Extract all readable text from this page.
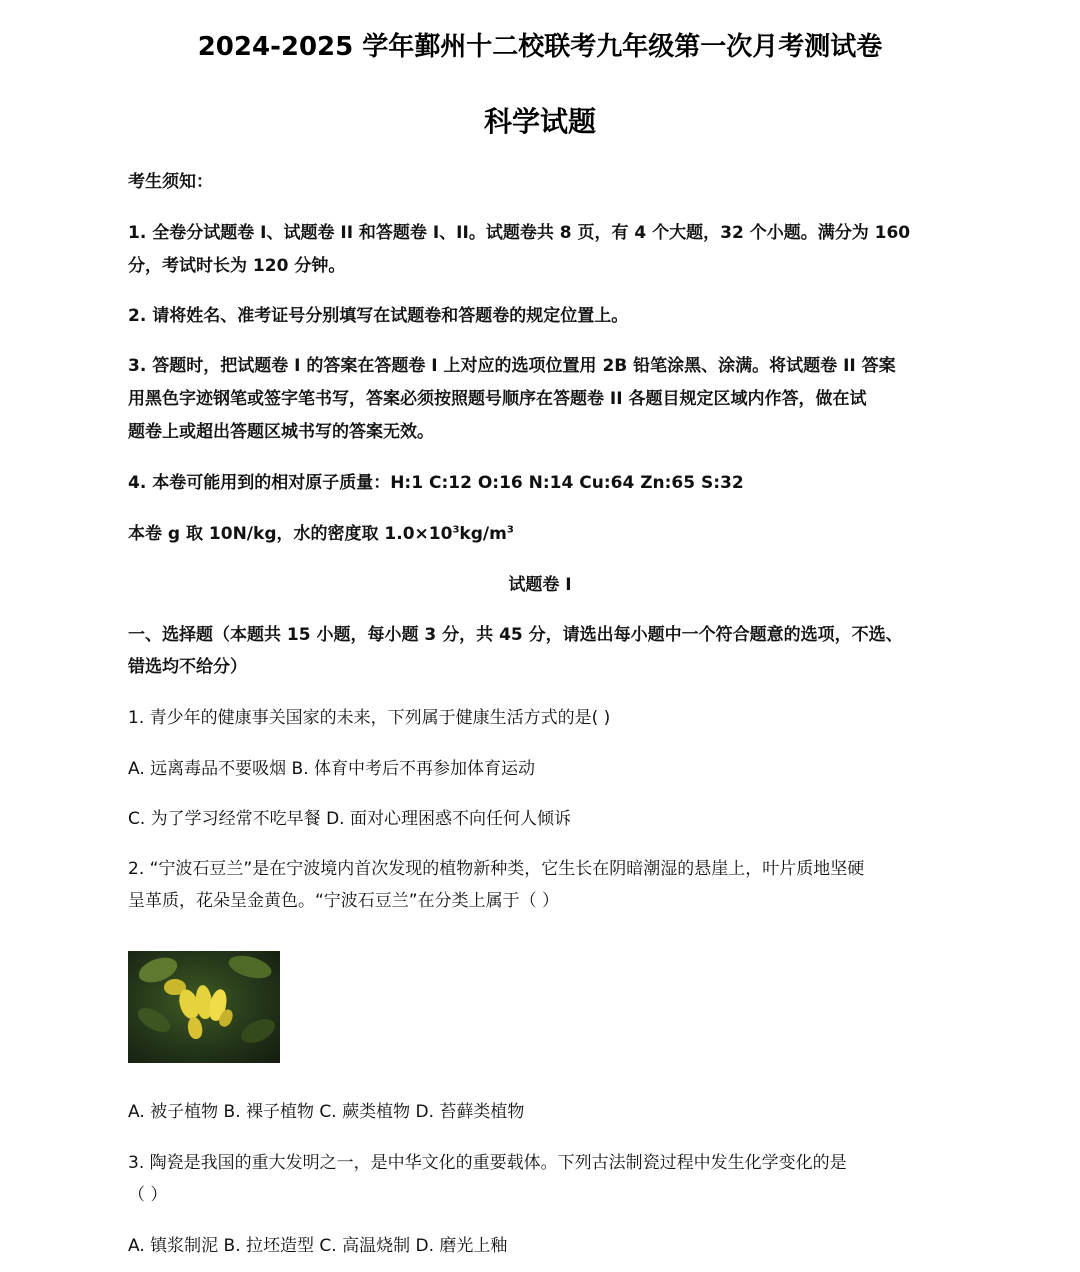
2024-2025 学年鄞州十二校联考九年级第一次月考测试卷
科学试题
考生须知：
1. 全卷分试题卷 I、试题卷 II 和答题卷 I、II。试题卷共 8 页，有 4 个大题，32 个小题。满分为 160
分，考试时长为 120 分钟。
2. 请将姓名、准考证号分别填写在试题卷和答题卷的规定位置上。
3. 答题时，把试题卷 I 的答案在答题卷 I 上对应的选项位置用 2B 铅笔涂黑、涂满。将试题卷 II 答案
用黑色字迹钢笔或签字笔书写，答案必须按照题号顺序在答题卷 II 各题目规定区域内作答，做在试
题卷上或超出答题区城书写的答案无效。
4. 本卷可能用到的相对原子质量：H:1 C:12 O:16 N:14 Cu:64 Zn:65 S:32
本卷 g 取 10N/kg，水的密度取 $1.0\times 10^3kg/m^3$
试题卷 I
一、选择题（本题共 15 小题，每小题 3 分，共 45 分，请选出每小题中一个符合题意的选项，不选、
错选均不给分）
1. 青少年的健康事关国家的未来，下列属于健康生活方式的是( )
A. 远离毒品不要吸烟 B. 体育中考后不再参加体育运动
C. 为了学习经常不吃早餐 D. 面对心理困惑不向任何人倾诉
2. “宁波石豆兰”是在宁波境内首次发现的植物新种类，它生长在阴暗潮湿的悬崖上，叶片质地坚硬
呈革质，花朵呈金黄色。“宁波石豆兰”在分类上属于（ ）
A. 被子植物 B. 裸子植物 C. 蕨类植物 D. 苔藓类植物
3. 陶瓷是我国的重大发明之一，是中华文化的重要载体。下列古法制瓷过程中发生化学变化的是
（ ）
A. 镇浆制泥 B. 拉坯造型 C. 高温烧制 D. 磨光上釉
